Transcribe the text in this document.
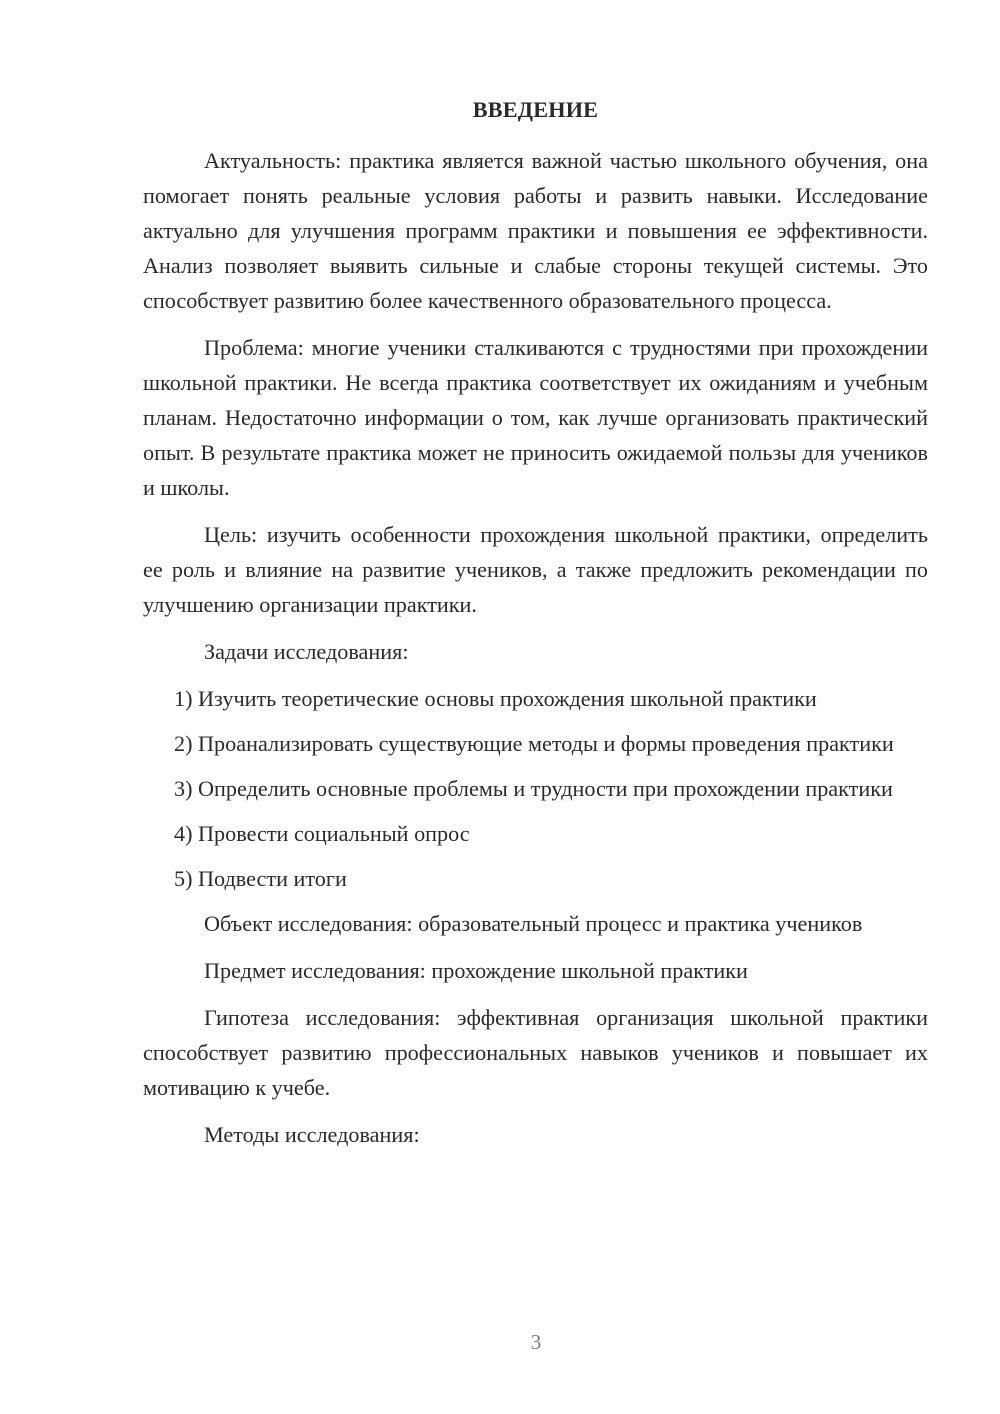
ВВЕДЕНИЕ

Актуальность: практика является важной частью школьного обучения, она помогает понять реальные условия работы и развить навыки. Исследование актуально для улучшения программ практики и повышения ее эффективности. Анализ позволяет выявить сильные и слабые стороны текущей системы. Это способствует развитию более качественного образовательного процесса.

Проблема: многие ученики сталкиваются с трудностями при прохождении школьной практики. Не всегда практика соответствует их ожиданиям и учебным планам. Недостаточно информации о том, как лучше организовать практический опыт. В результате практика может не приносить ожидаемой пользы для учеников и школы.

Цель: изучить особенности прохождения школьной практики, определить ее роль и влияние на развитие учеников, а также предложить рекомендации по улучшению организации практики.

Задачи исследования:

1) Изучить теоретические основы прохождения школьной практики

2) Проанализировать существующие методы и формы проведения практики

3) Определить основные проблемы и трудности при прохождении практики

4) Провести социальный опрос

5) Подвести итоги

Объект исследования: образовательный процесс и практика учеников

Предмет исследования: прохождение школьной практики

Гипотеза исследования: эффективная организация школьной практики способствует развитию профессиональных навыков учеников и повышает их мотивацию к учебе.

Методы исследования:

3
